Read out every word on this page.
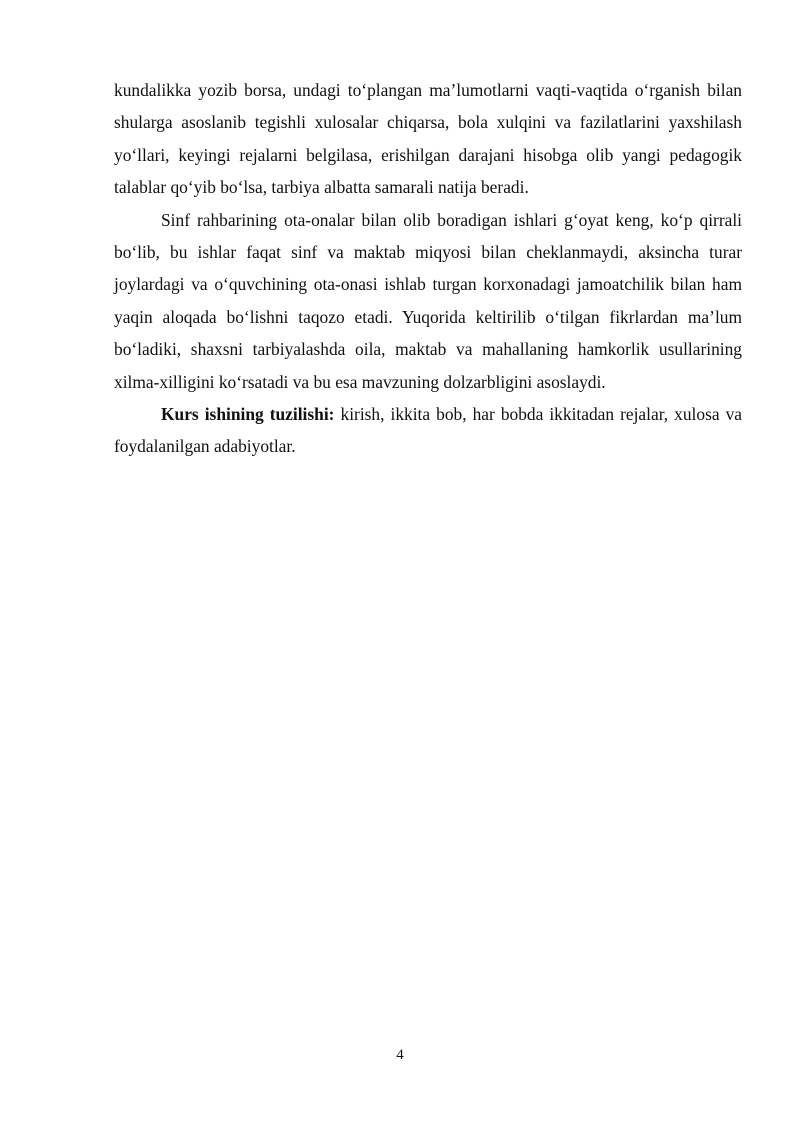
kundalikka yozib borsa, undagi to‘plangan ma’lumotlarni vaqti-vaqtida o‘rganish bilan shularga asoslanib tegishli xulosalar chiqarsa, bola xulqini va fazilatlarini yaxshilash yo‘llari, keyingi rejalarni belgilasa, erishilgan darajani hisobga olib yangi pedagogik talablar qo‘yib bo‘lsa, tarbiya albatta samarali natija beradi.

Sinf rahbarining ota-onalar bilan olib boradigan ishlari g‘oyat keng, ko‘p qirrali bo‘lib, bu ishlar faqat sinf va maktab miqyosi bilan cheklanmaydi, aksincha turar joylardagi va o‘quvchining ota-onasi ishlab turgan korxonadagi jamoatchilik bilan ham yaqin aloqada bo‘lishni taqozo etadi. Yuqorida keltirilib o‘tilgan fikrlardan ma’lum bo‘ladiki, shaxsni tarbiyalashda oila, maktab va mahallaning hamkorlik usullarining xilma-xilligini ko‘rsatadi va bu esa mavzuning dolzarbligini asoslaydi.

Kurs ishining tuzilishi: kirish, ikkita bob, har bobda ikkitadan rejalar, xulosa va foydalanilgan adabiyotlar.

4
